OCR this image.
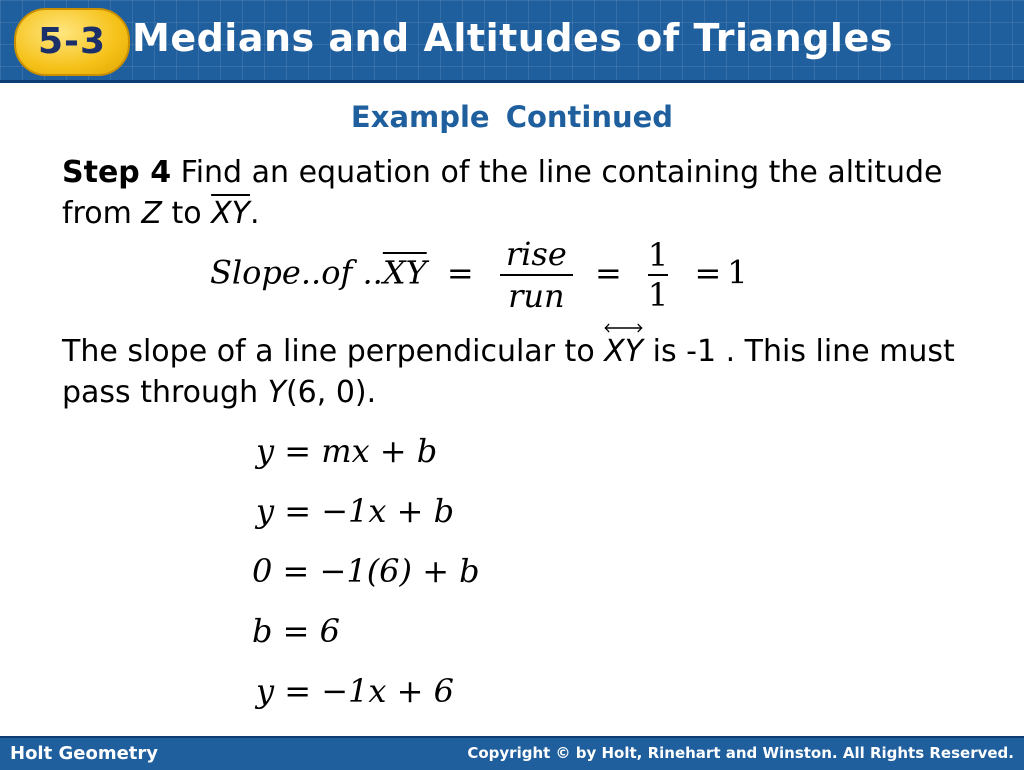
5-3 Medians and Altitudes of Triangles
Example Continued
Step 4 Find an equation of the line containing the altitude from Z to $\overline{XY}$.
Slope..of $..\overline{XY} = \frac{\text{rise}}{\text{run}} = \frac{1}{1} = 1$
The slope of a line perpendicular to
XY is -1 . This line must pass through Y(6, 0).
y = mx + b
y = −1x + b
0 = −1(6) + b
b = 6
y = −1x + 6
Holt Geometry	Copyright © by Holt, Rinehart and Winston. All Rights Reserved.
